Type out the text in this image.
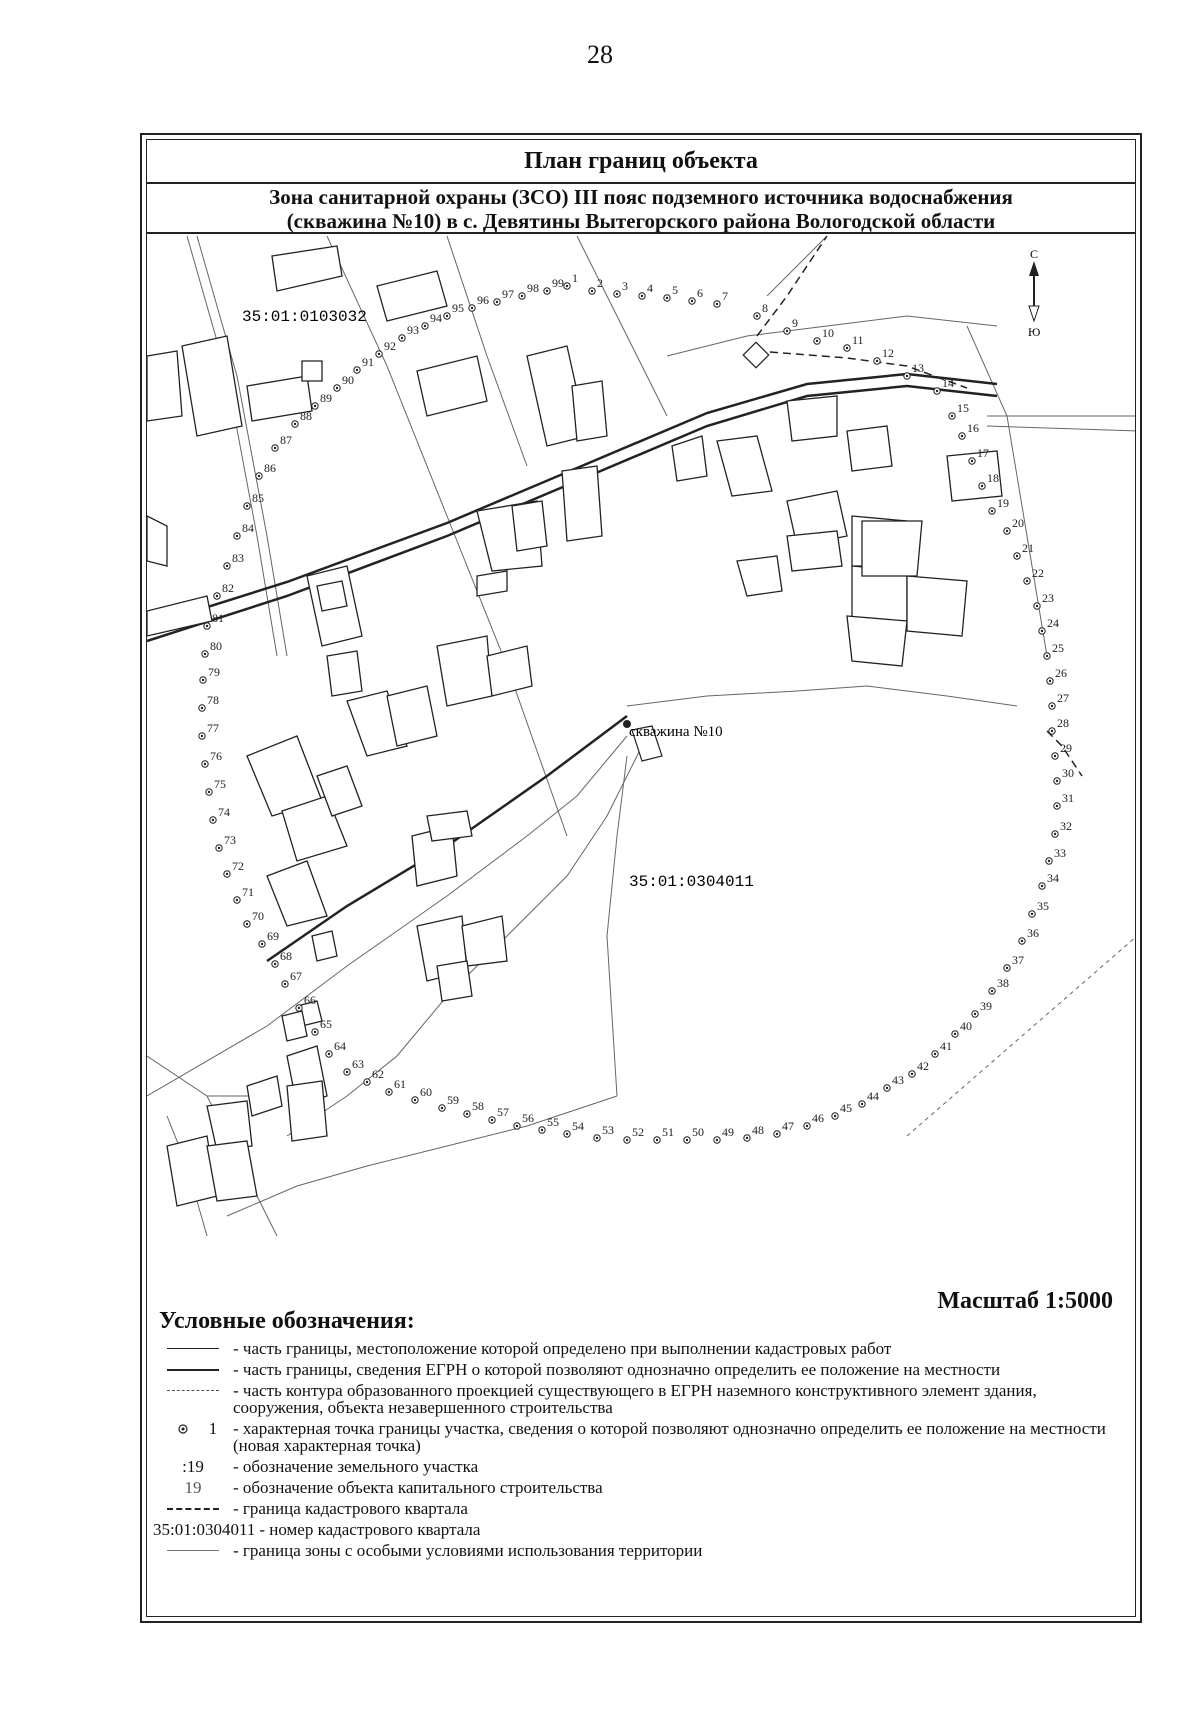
28
План границ объекта
Зона санитарной охраны (ЗСО) III пояс подземного источника водоснабжения
(скважина №10) в с. Девятины Вытегорского района Вологодской области
1 2 3 4 5 6 7
8
9
10 11
12
13
14
15
16
17
18
19
20
21
22
23
24
25
26
27
28
29
30
31
32
33
34
35
36
37
38
39
40
41
42
43
44
45
46
47
48
49
50
51
52
53
54
55
56
57
58
59
60
61
62
63
64
65
66
67
68
69
70
71
72
73
74
75
76
77
78
79
80
81
82
83
84
85
86
87
88
89
90
91
92
93
94
95
96 97 98 99
С
Ю
35:01:0103032
35:01:0304011
скважина №10
Масштаб 1:5000
Условные обозначения:
- часть границы, местоположение которой определено при выполнении кадастровых работ
- часть границы, сведения ЕГРН о которой позволяют однозначно определить ее положение на местности
- часть контура образованного проекцией существующего в ЕГРН наземного конструктивного элемент здания, сооружения, объекта незавершенного строительства
1 - характерная точка границы участка, сведения о которой позволяют однозначно определить ее положение на местности (новая характерная точка)
:19 - обозначение земельного участка
19 - обозначение объекта капитального строительства
- граница кадастрового квартала
35:01:0304011 - номер кадастрового квартала
- граница зоны с особыми условиями использования территории
